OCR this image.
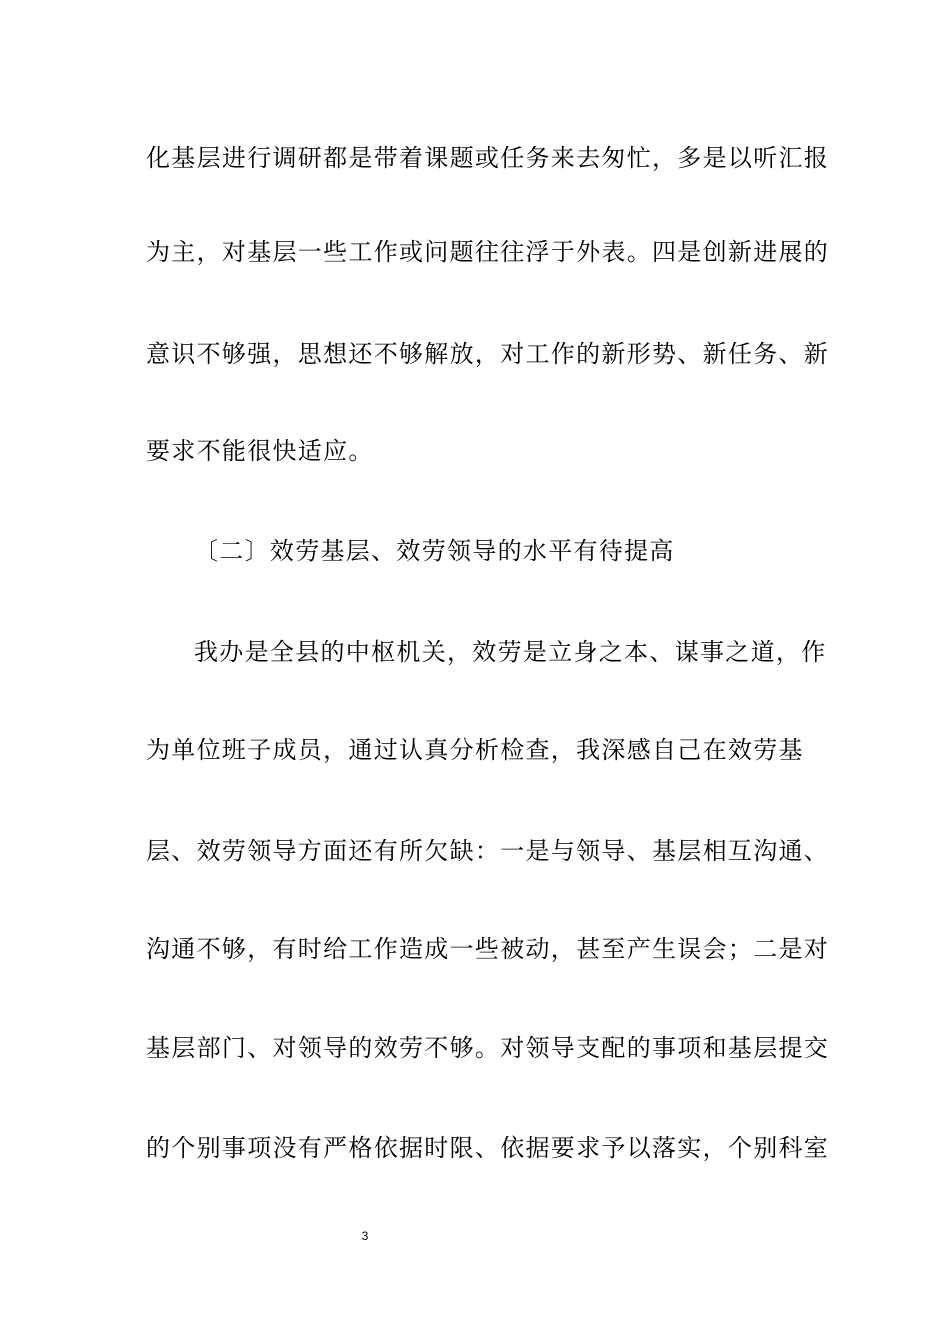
化基层进行调研都是带着课题或任务来去匆忙，多是以听汇报
为主，对基层一些工作或问题往往浮于外表。四是创新进展的
意识不够强，思想还不够解放，对工作的新形势、新任务、新
要求不能很快适应。
〔二〕效劳基层、效劳领导的水平有待提高
我办是全县的中枢机关，效劳是立身之本、谋事之道，作
为单位班子成员，通过认真分析检查，我深感自己在效劳基
层、效劳领导方面还有所欠缺：一是与领导、基层相互沟通、
沟通不够，有时给工作造成一些被动，甚至产生误会；二是对
基层部门、对领导的效劳不够。对领导支配的事项和基层提交
的个别事项没有严格依据时限、依据要求予以落实，个别科室
3
